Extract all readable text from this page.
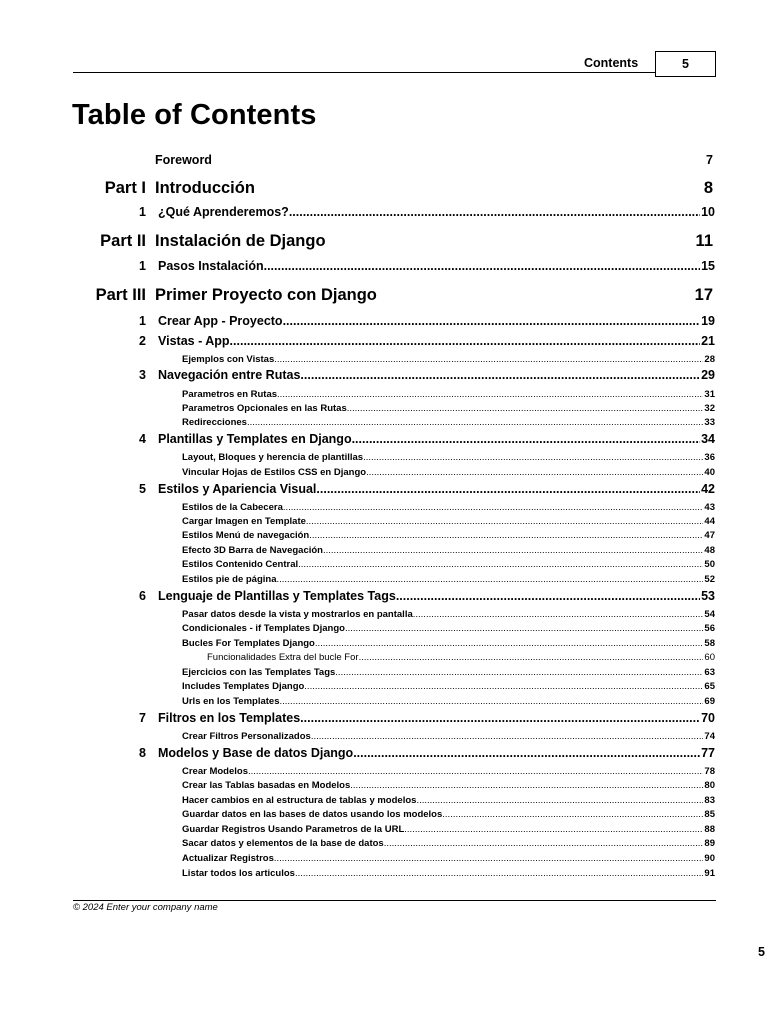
Contents	5
Table of Contents
Foreword	7
Part I Introducción	8
1 ¿Qué Aprenderemos? .....	10
Part II Instalación de Django	11
1 Pasos Instalación .....	15
Part III Primer Proyecto con Django	17
1 Crear App - Proyecto .....	19
2 Vistas - App .....	21
Ejemplos con Vistas .....	28
3 Navegación entre Rutas .....	29
Parametros en Rutas .....	31
Parametros Opcionales en las Rutas .....	32
Redirecciones .....	33
4 Plantillas y Templates en Django .....	34
Layout, Bloques y herencia de plantillas .....	36
Vincular Hojas de Estilos CSS en Django .....	40
5 Estilos y Apariencia Visual .....	42
Estilos de la Cabecera .....	43
Cargar Imagen en Template .....	44
Estilos Menú de navegación .....	47
Efecto 3D Barra de Navegación .....	48
Estilos Contenido Central .....	50
Estilos pie de página .....	52
6 Lenguaje de Plantillas y Templates Tags .....	53
Pasar datos desde la vista y mostrarlos en pantalla .....	54
Condicionales - if Templates Django .....	56
Bucles For Templates Django .....	58
Funcionalidades Extra del bucle For .....	60
Ejercicios con las Templates Tags .....	63
Includes Templates Django .....	65
Urls en los Templates .....	69
7 Filtros en los Templates .....	70
Crear Filtros Personalizados .....	74
8 Modelos y Base de datos Django .....	77
Crear Modelos .....	78
Crear las Tablas basadas en Modelos .....	80
Hacer cambios en al estructura de tablas y modelos .....	83
Guardar datos en las bases de datos usando los modelos .....	85
Guardar Registros Usando Parametros de la URL .....	88
Sacar datos y elementos de la base de datos .....	89
Actualizar Registros .....	90
Listar todos los articulos .....	91
© 2024 Enter your company name
5
